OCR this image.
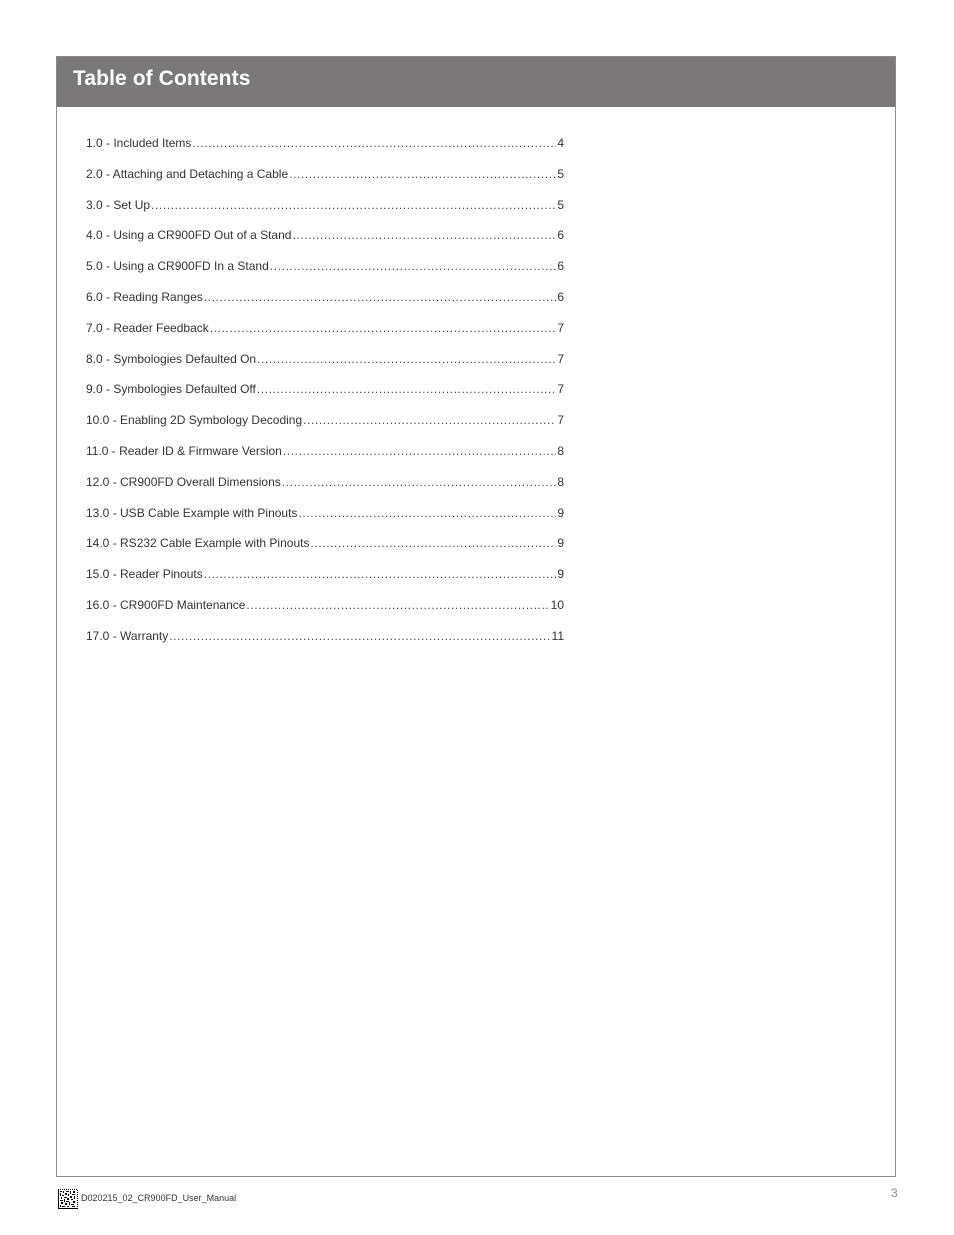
Table of Contents
1.0 - Included Items .....	4
2.0 - Attaching and Detaching a Cable .....	5
3.0 - Set Up .....	5
4.0 - Using a CR900FD Out of a Stand .....	6
5.0 - Using a CR900FD In a Stand .....	6
6.0 - Reading Ranges .....	6
7.0 - Reader Feedback .....	7
8.0 - Symbologies Defaulted On .....	7
9.0 - Symbologies Defaulted Off .....	7
10.0 - Enabling 2D Symbology Decoding .....	7
11.0 - Reader ID & Firmware Version .....	8
12.0 - CR900FD Overall Dimensions .....	8
13.0 - USB Cable Example with Pinouts .....	9
14.0 - RS232 Cable Example with Pinouts .....	9
15.0 - Reader Pinouts .....	9
16.0 - CR900FD Maintenance .....	10
17.0 - Warranty .....	11
D020215_02_CR900FD_User_Manual	3
